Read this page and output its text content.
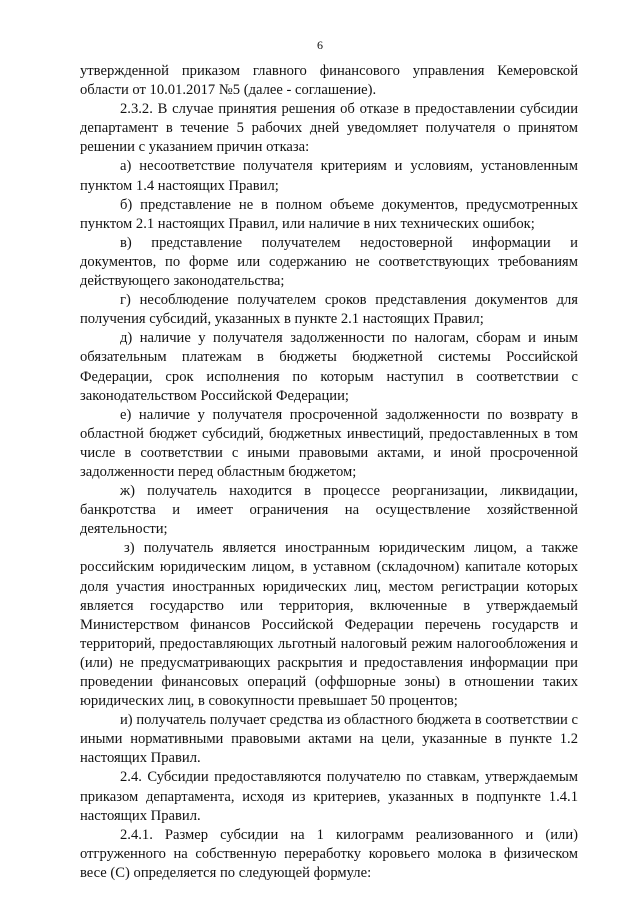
6

утвержденной приказом главного финансового управления Кемеровской области от 10.01.2017 №5 (далее - соглашение).

2.3.2. В случае принятия решения об отказе в предоставлении субсидии департамент в течение 5 рабочих дней уведомляет получателя о принятом решении с указанием причин отказа:

а) несоответствие получателя критериям и условиям, установленным пунктом 1.4 настоящих Правил;

б) представление не в полном объеме документов, предусмотренных пунктом 2.1 настоящих Правил, или наличие в них технических ошибок;

в) представление получателем недостоверной информации и документов, по форме или содержанию не соответствующих требованиям действующего законодательства;

г) несоблюдение получателем сроков представления документов для получения субсидий, указанных в пункте 2.1 настоящих Правил;

д) наличие у получателя задолженности по налогам, сборам и иным обязательным платежам в бюджеты бюджетной системы Российской Федерации, срок исполнения по которым наступил в соответствии с законодательством Российской Федерации;

е) наличие у получателя просроченной задолженности по возврату в областной бюджет субсидий, бюджетных инвестиций, предоставленных в том числе в соответствии с иными правовыми актами, и иной просроченной задолженности перед областным бюджетом;

ж) получатель находится в процессе реорганизации, ликвидации, банкротства и имеет ограничения на осуществление хозяйственной деятельности;

з) получатель является иностранным юридическим лицом, а также российским юридическим лицом, в уставном (складочном) капитале которых доля участия иностранных юридических лиц, местом регистрации которых является государство или территория, включенные в утверждаемый Министерством финансов Российской Федерации перечень государств и территорий, предоставляющих льготный налоговый режим налогообложения и (или) не предусматривающих раскрытия и предоставления информации при проведении финансовых операций (оффшорные зоны) в отношении таких юридических лиц, в совокупности превышает 50 процентов;

и) получатель получает средства из областного бюджета в соответствии с иными нормативными правовыми актами на цели, указанные в пункте 1.2 настоящих Правил.

2.4. Субсидии предоставляются получателю по ставкам, утверждаемым приказом департамента, исходя из критериев, указанных в подпункте 1.4.1 настоящих Правил.

2.4.1. Размер субсидии на 1 килограмм реализованного и (или) отгруженного на собственную переработку коровьего молока в физическом весе (С) определяется по следующей формуле:
